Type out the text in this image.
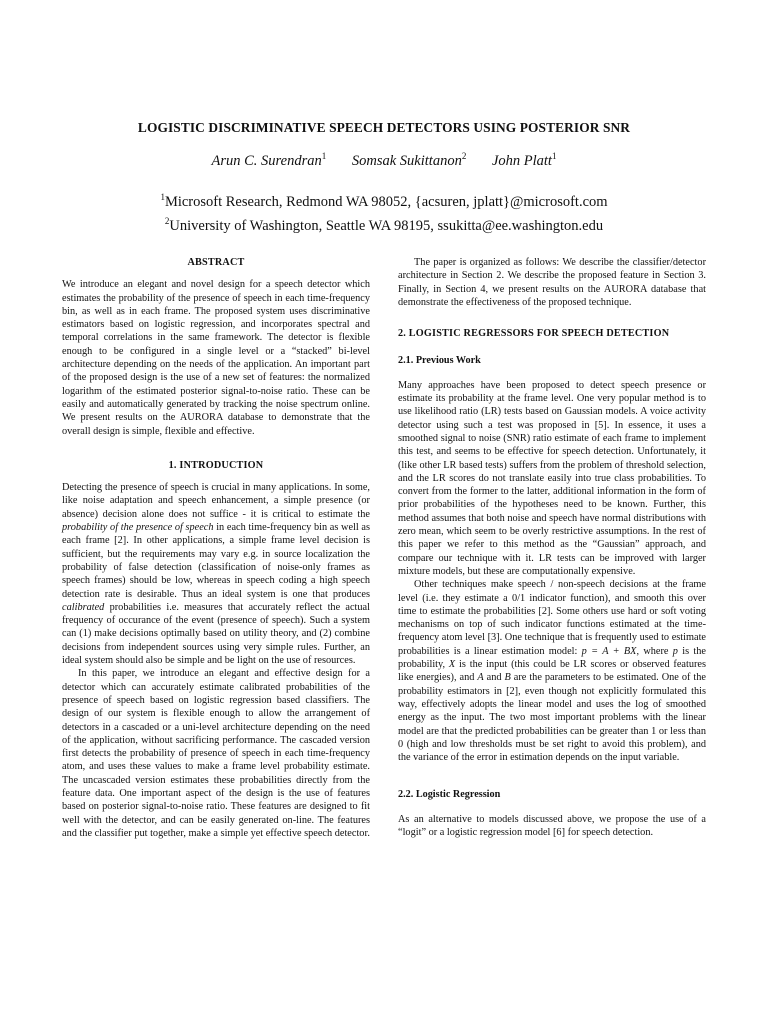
LOGISTIC DISCRIMINATIVE SPEECH DETECTORS USING POSTERIOR SNR
Arun C. Surendran$^1$ Somsak Sukittanon$^2$ John Platt$^1$
$^1$Microsoft Research, Redmond WA 98052, {acsuren, jplatt}@microsoft.com
$^2$University of Washington, Seattle WA 98195, ssukitta@ee.washington.edu
ABSTRACT

We introduce an elegant and novel design for a speech detector which estimates the probability of the presence of speech in each time-frequency bin, as well as in each frame. The proposed system uses discriminative estimators based on logistic regression, and incorporates spectral and temporal correlations in the same framework. The detector is flexible enough to be configured in a single level or a “stacked” bi-level architecture depending on the needs of the application. An important part of the proposed design is the use of a new set of features: the normalized logarithm of the estimated posterior signal-to-noise ratio. These can be easily and automatically generated by tracking the noise spectrum online. We present results on the AURORA database to demonstrate that the overall design is simple, flexible and effective.

1. INTRODUCTION

Detecting the presence of speech is crucial in many applications. In some, like noise adaptation and speech enhancement, a simple presence (or absence) decision alone does not suffice - it is critical to estimate the probability of the presence of speech in each time-frequency bin as well as each frame [2]. In other applications, a simple frame level decision is sufficient, but the requirements may vary e.g. in source localization the probability of false detection (classification of noise-only frames as speech frames) should be low, whereas in speech coding a high speech detection rate is desirable. Thus an ideal system is one that produces calibrated probabilities i.e. measures that accurately reflect the actual frequency of occurance of the event (presence of speech). Such a system can (1) make decisions optimally based on utility theory, and (2) combine decisions from independent sources using very simple rules. Further, an ideal system should also be simple and be light on the use of resources.

In this paper, we introduce an elegant and effective design for a detector which can accurately estimate calibrated probabilities of the presence of speech based on logistic regression based classifiers. The design of our system is flexible enough to allow the arrangement of detectors in a cascaded or a uni-level architecture depending on the need of the application, without sacrificing performance. The cascaded version first detects the probability of presence of speech in each time-frequency atom, and uses these values to make a frame level probability estimate. The uncascaded version estimates these probabilities directly from the feature data. One important aspect of the design is the use of features based on posterior signal-to-noise ratio. These features are designed to fit well with the detector, and can be easily generated on-line. The features and the classifier put together, make a simple yet effective speech detector.

The paper is organized as follows: We describe the classifier/detector architecture in Section 2. We describe the proposed feature in Section 3. Finally, in Section 4, we present results on the AURORA database that demonstrate the effectiveness of the proposed technique.

2. LOGISTIC REGRESSORS FOR SPEECH DETECTION
2.1. Previous Work

Many approaches have been proposed to detect speech presence or estimate its probability at the frame level. One very popular method is to use likelihood ratio (LR) tests based on Gaussian models. A voice activity detector using such a test was proposed in [5]. In essence, it uses a smoothed signal to noise (SNR) ratio estimate of each frame to implement this test, and seems to be effective for speech detection. Unfortunately, it (like other LR based tests) suffers from the problem of threshold selection, and the LR scores do not translate easily into true class probabilities. To convert from the former to the latter, additional information in the form of prior probabilities of the hypotheses need to be known. Further, this method assumes that both noise and speech have normal distributions with zero mean, which seem to be overly restrictive assumptions. In the rest of this paper we refer to this method as the “Gaussian” approach, and compare our technique with it. LR tests can be improved with larger mixture models, but these are computationally expensive.

Other techniques make speech / non-speech decisions at the frame level (i.e. they estimate a 0/1 indicator function), and smooth this over time to estimate the probabilities [2]. Some others use hard or soft voting mechanisms on top of such indicator functions estimated at the time-frequency atom level [3]. One technique that is frequently used to estimate probabilities is a linear estimation model: p = A + BX, where p is the probability, X is the input (this could be LR scores or observed features like energies), and A and B are the parameters to be estimated. One of the probability estimators in [2], even though not explicitly formulated this way, effectively adopts the linear model and uses the log of smoothed energy as the input. The two most important problems with the linear model are that the predicted probabilities can be greater than 1 or less than 0 (high and low thresholds must be set right to avoid this problem), and the variance of the error in estimation depends on the input variable.

2.2. Logistic Regression

As an alternative to models discussed above, we propose the use of a “logit” or a logistic regression model [6] for speech detection.
